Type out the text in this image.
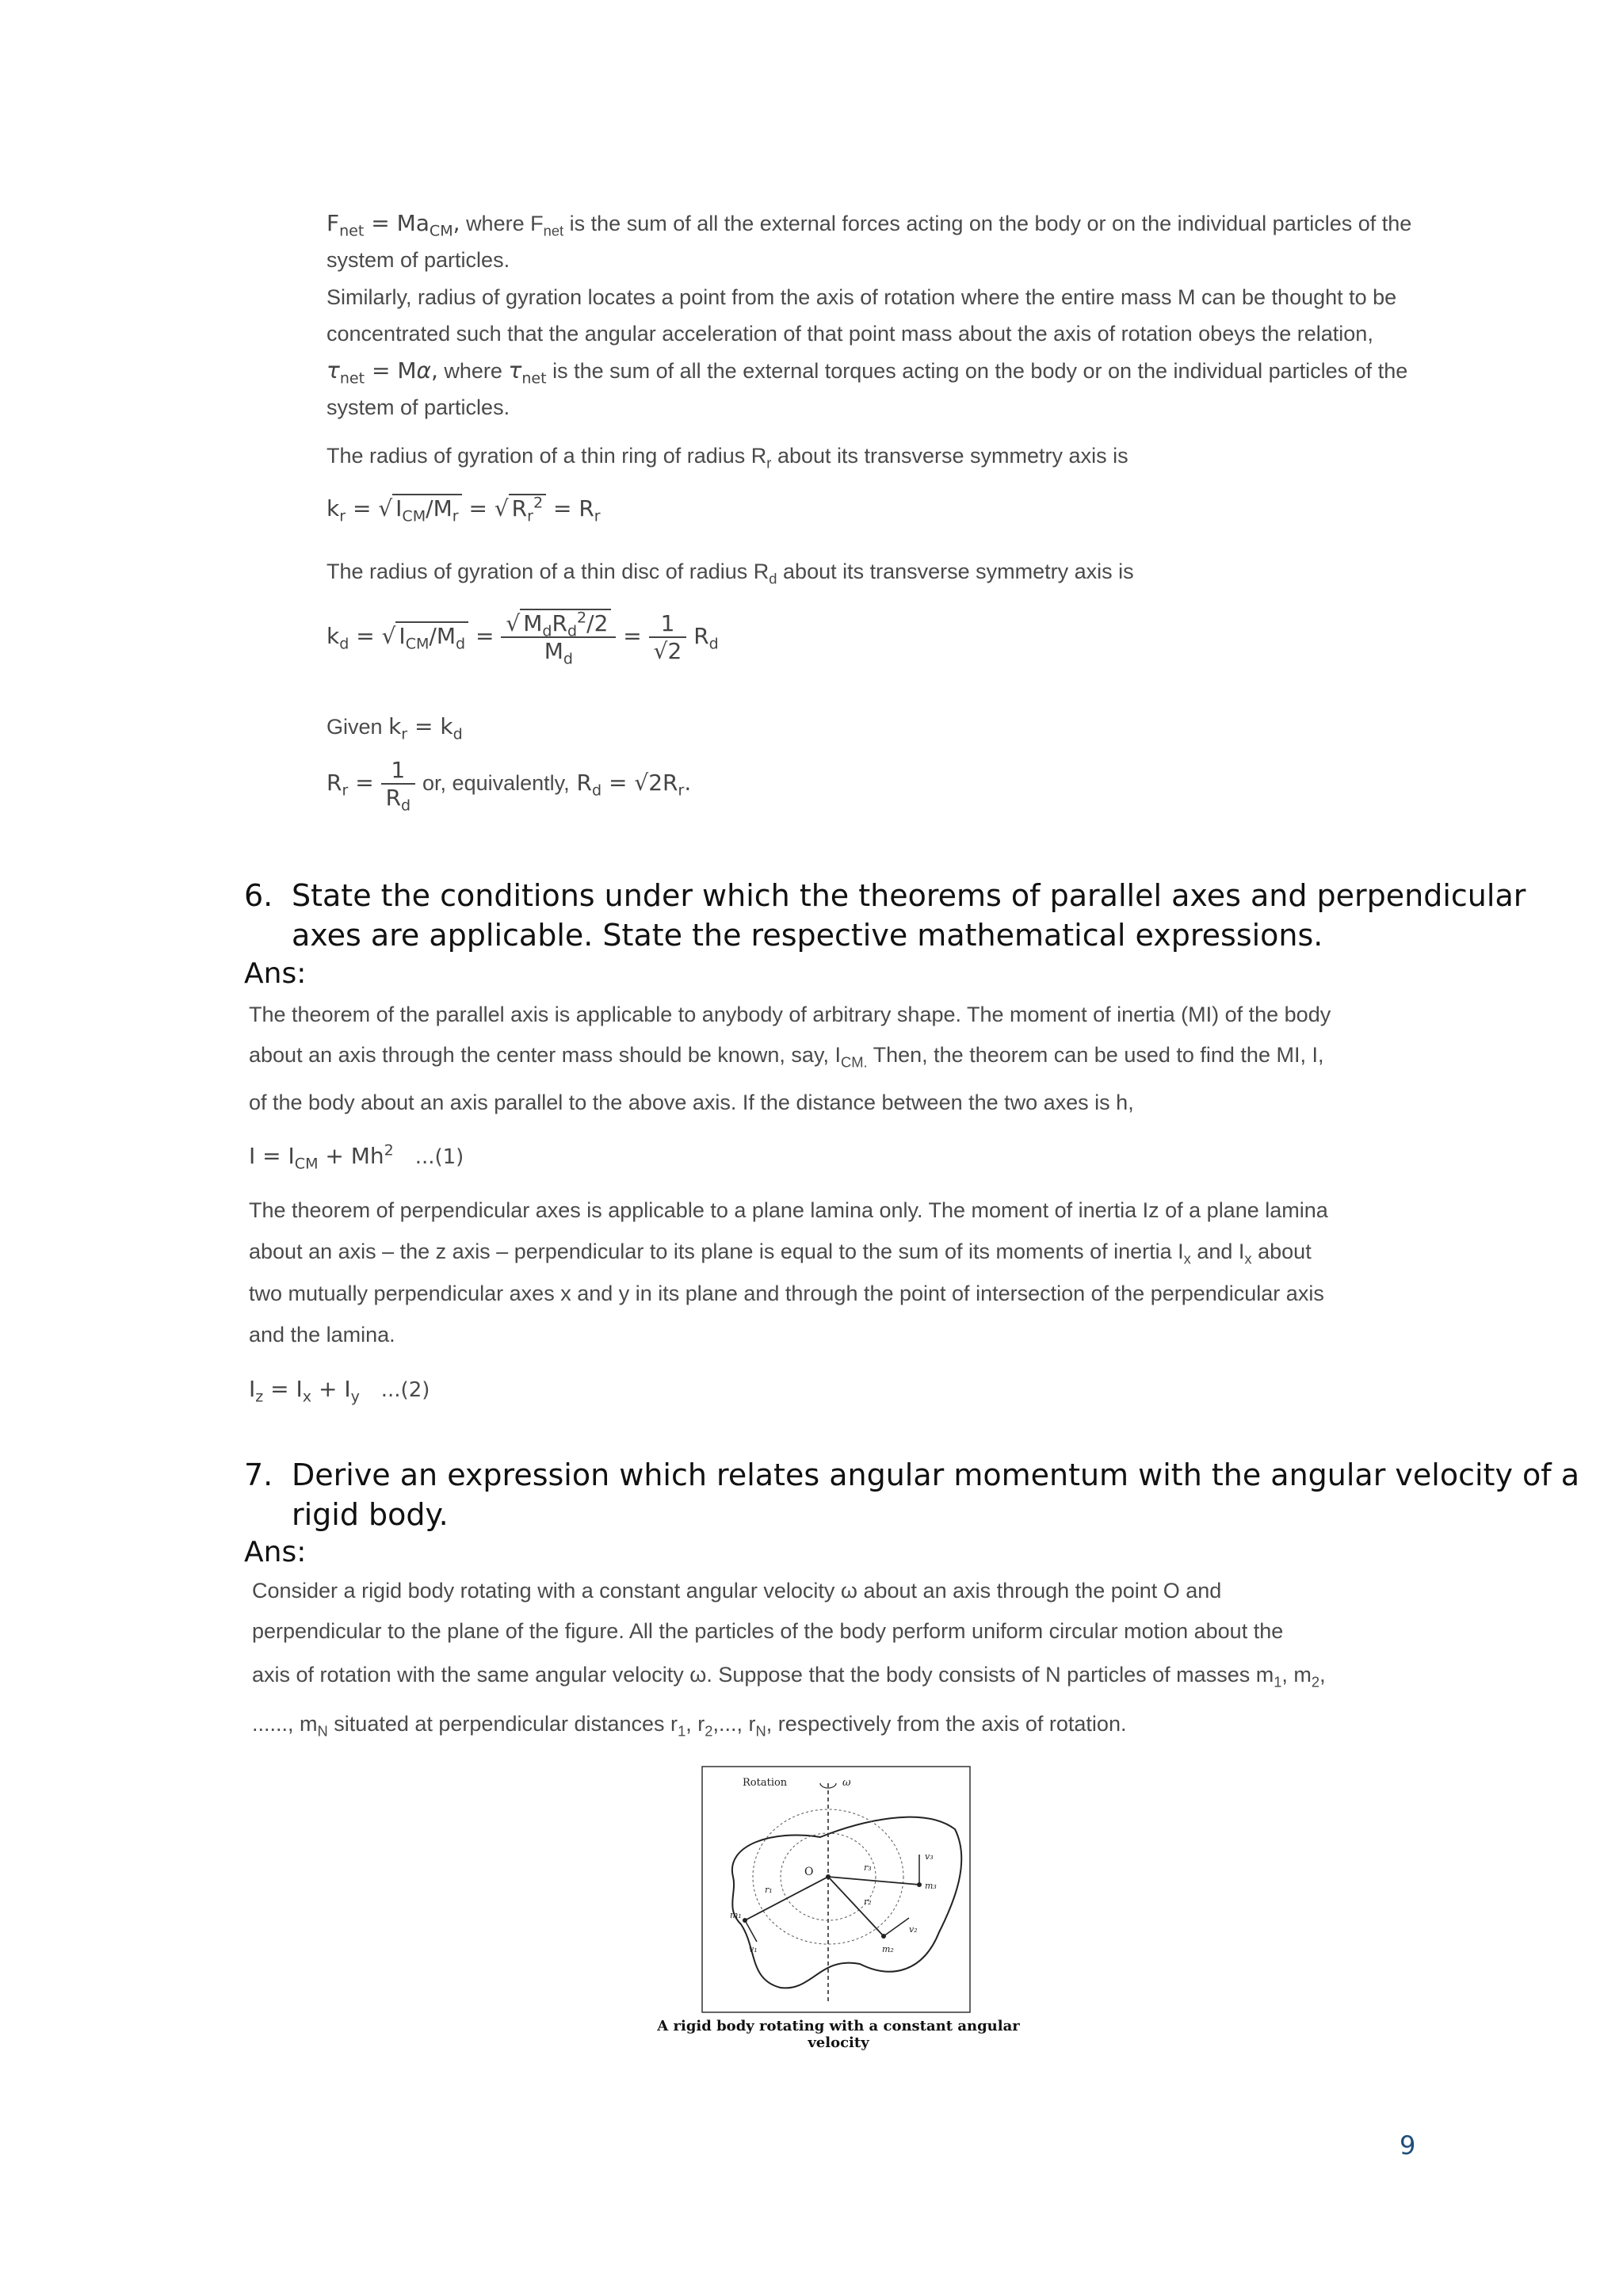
$F_{net} = Ma_{CM}$, where $F_{net}$ is the sum of all the external forces acting on the body or on the individual particles of the
system of particles.
Similarly, radius of gyration locates a point from the axis of rotation where the entire mass M can be thought to be
concentrated such that the angular acceleration of that point mass about the axis of rotation obeys the relation,
$\tau_{net} = M\alpha$, where $\tau_{net}$ is the sum of all the external torques acting on the body or on the individual particles of the
system of particles.
The radius of gyration of a thin ring of radius $R_r$ about its transverse symmetry axis is
$k_r$ = √ $I_{CM}/M_r$ = √ $R_r^2 = R_r$
The radius of gyration of a thin disc of radius $R_d$ about its transverse symmetry axis is
$k_d$ = √ $I_{CM}/M_d = \frac{√ M_dR_d^2/2}{M_d} = \frac{1}{√2} R_d$
Given $k_r = k_d$
$R_r = \frac{1}{R_d}$ or, equivalently, $R_d = √2R_r$.
6. State the conditions under which the theorems of parallel axes and perpendicular
axes are applicable. State the respective mathematical expressions.
Ans:
The theorem of the parallel axis is applicable to anybody of arbitrary shape. The moment of inertia (MI) of the body
about an axis through the center mass should be known, say, $I_{CM.}$ Then, the theorem can be used to find the MI, I,
of the body about an axis parallel to the above axis. If the distance between the two axes is h,
$I = I_{CM} + Mh^2$ ...(1)
The theorem of perpendicular axes is applicable to a plane lamina only. The moment of inertia Iz of a plane lamina
about an axis – the z axis – perpendicular to its plane is equal to the sum of its moments of inertia $I_x$ and $I_x$ about
two mutually perpendicular axes x and y in its plane and through the point of intersection of the perpendicular axis
and the lamina.
$I_z = I_x + I_y$ ...(2)
7. Derive an expression which relates angular momentum with the angular velocity of a
rigid body.
Ans:
Consider a rigid body rotating with a constant angular velocity ω about an axis through the point O and
perpendicular to the plane of the figure. All the particles of the body perform uniform circular motion about the
axis of rotation with the same angular velocity ω. Suppose that the body consists of N particles of masses $m_1$, $m_2$,
......, $m_N$ situated at perpendicular distances $r_1$, $r_2$,..., $r_N$, respectively from the axis of rotation.
Rotation	ω
O
r₁
r₂
r₃
m₁
m₂
m₃
v₁
v₂
v₃
A rigid body rotating with a constant angular velocity
9
